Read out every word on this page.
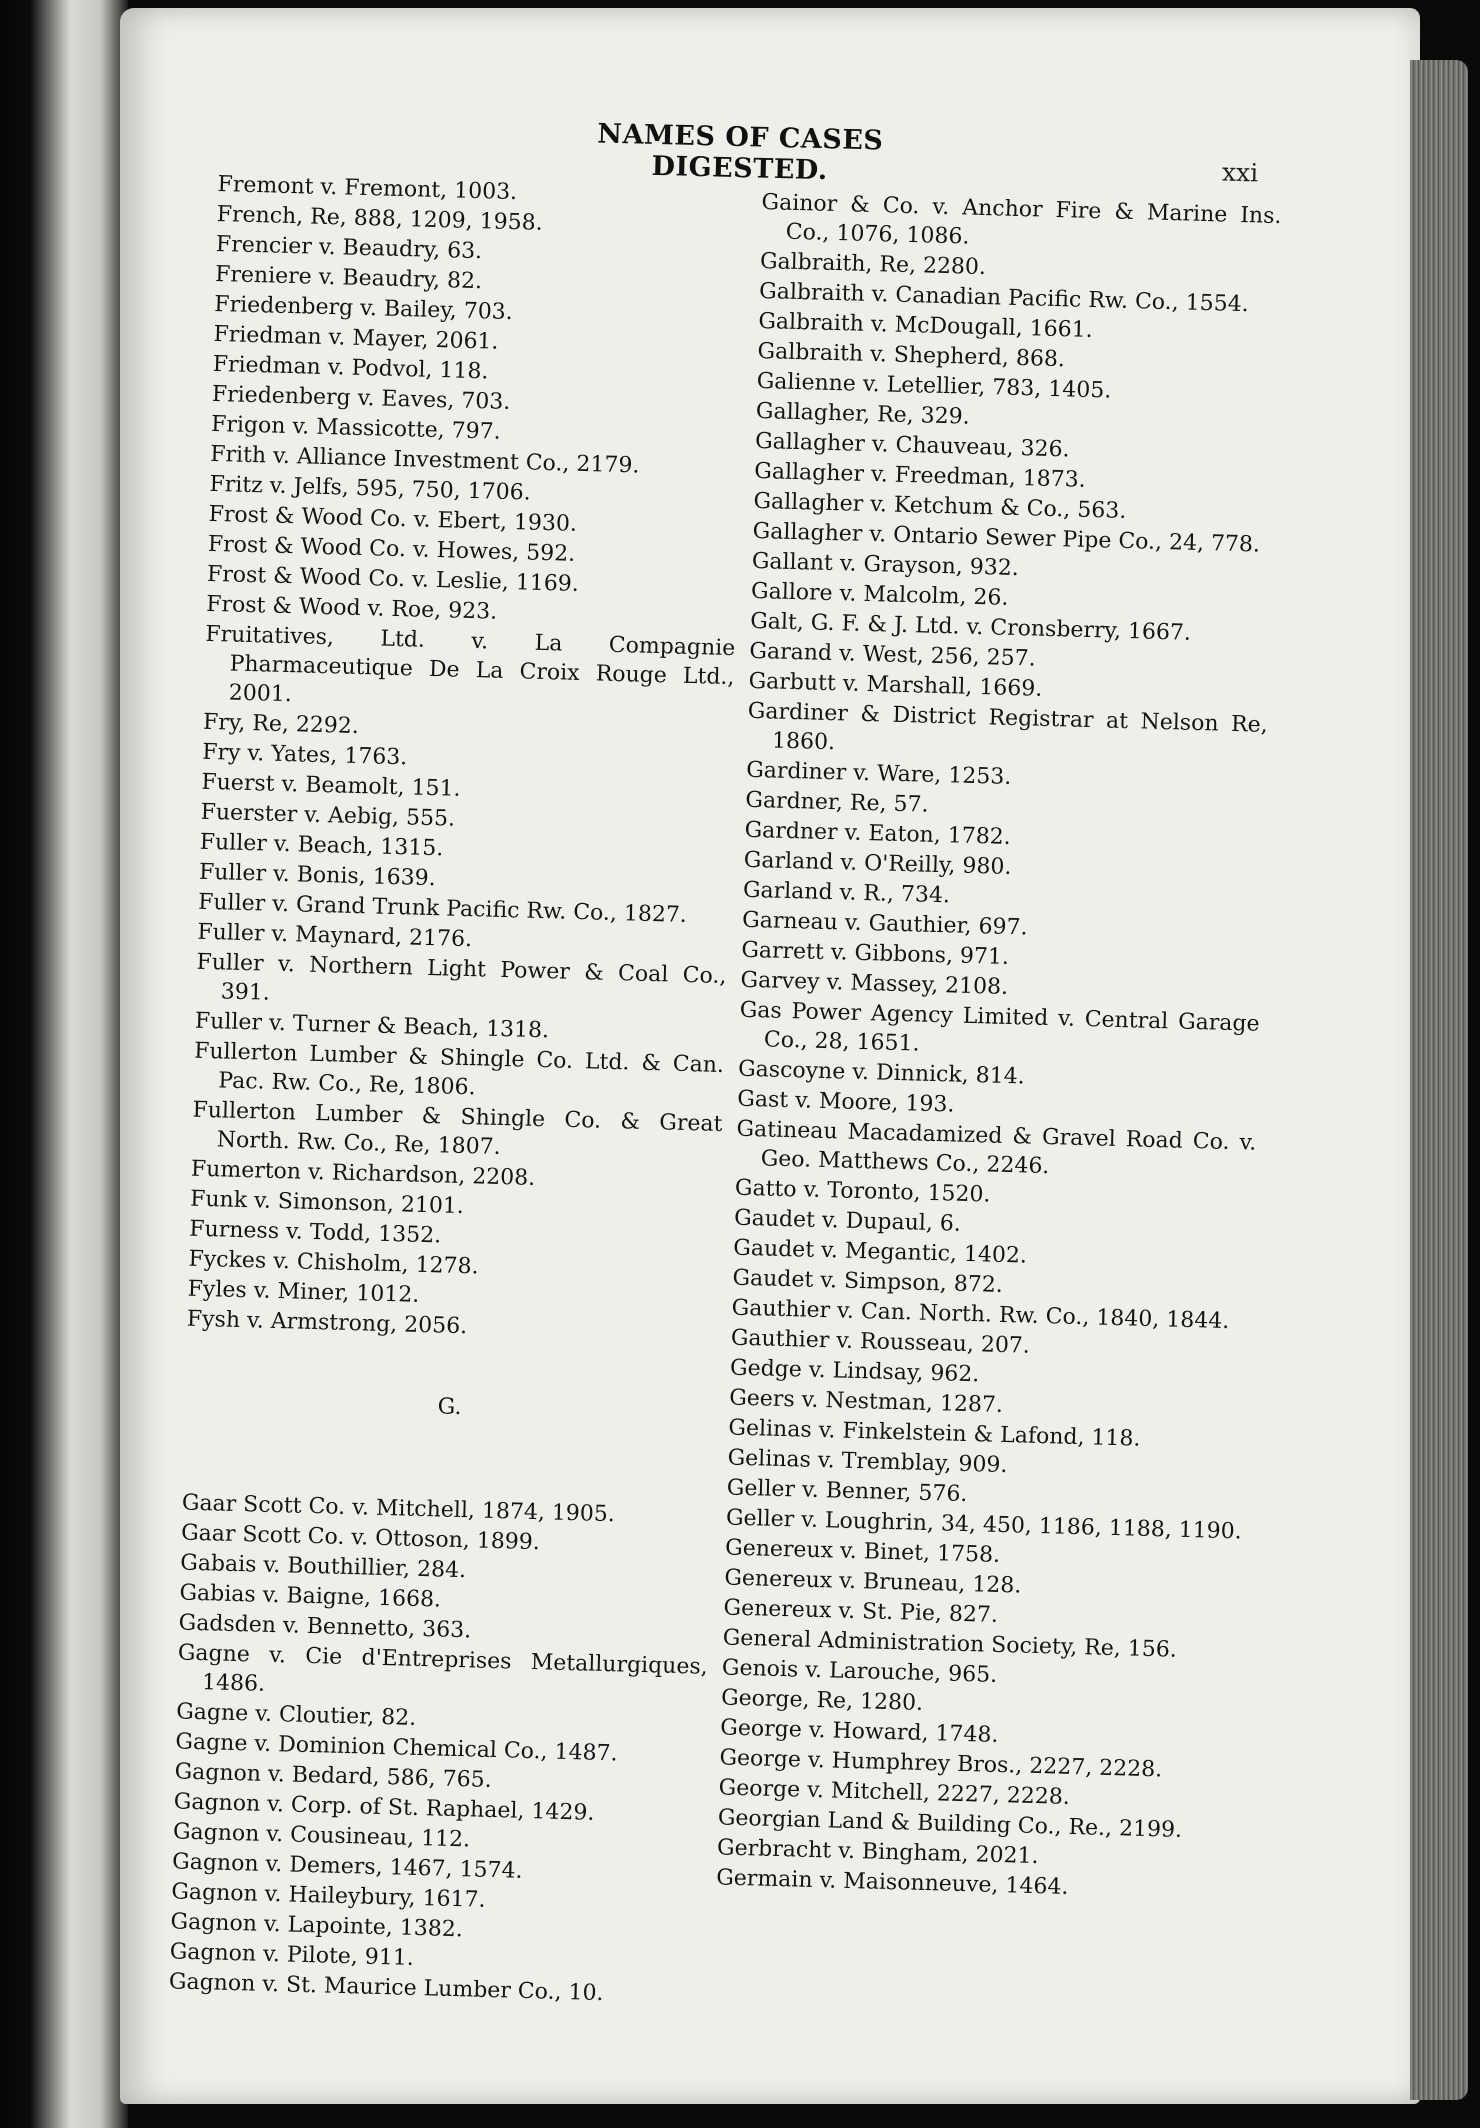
NAMES OF CASES DIGESTED.	xxi
Fremont v. Fremont, 1003.
French, Re, 888, 1209, 1958.
Frencier v. Beaudry, 63.
Freniere v. Beaudry, 82.
Friedenberg v. Bailey, 703.
Friedman v. Mayer, 2061.
Friedman v. Podvol, 118.
Friedenberg v. Eaves, 703.
Frigon v. Massicotte, 797.
Frith v. Alliance Investment Co., 2179.
Fritz v. Jelfs, 595, 750, 1706.
Frost & Wood Co. v. Ebert, 1930.
Frost & Wood Co. v. Howes, 592.
Frost & Wood Co. v. Leslie, 1169.
Frost & Wood v. Roe, 923.
Fruitatives, Ltd. v. La Compagnie Pharmaceutique De La Croix Rouge Ltd., 2001.
Fry, Re, 2292.
Fry v. Yates, 1763.
Fuerst v. Beamolt, 151.
Fuerster v. Aebig, 555.
Fuller v. Beach, 1315.
Fuller v. Bonis, 1639.
Fuller v. Grand Trunk Pacific Rw. Co., 1827.
Fuller v. Maynard, 2176.
Fuller v. Northern Light Power & Coal Co., 391.
Fuller v. Turner & Beach, 1318.
Fullerton Lumber & Shingle Co. Ltd. & Can. Pac. Rw. Co., Re, 1806.
Fullerton Lumber & Shingle Co. & Great North. Rw. Co., Re, 1807.
Fumerton v. Richardson, 2208.
Funk v. Simonson, 2101.
Furness v. Todd, 1352.
Fyckes v. Chisholm, 1278.
Fyles v. Miner, 1012.
Fysh v. Armstrong, 2056.
G.
Gaar Scott Co. v. Mitchell, 1874, 1905.
Gaar Scott Co. v. Ottoson, 1899.
Gabais v. Bouthillier, 284.
Gabias v. Baigne, 1668.
Gadsden v. Bennetto, 363.
Gagne v. Cie d'Entreprises Metallurgiques, 1486.
Gagne v. Cloutier, 82.
Gagne v. Dominion Chemical Co., 1487.
Gagnon v. Bedard, 586, 765.
Gagnon v. Corp. of St. Raphael, 1429.
Gagnon v. Cousineau, 112.
Gagnon v. Demers, 1467, 1574.
Gagnon v. Haileybury, 1617.
Gagnon v. Lapointe, 1382.
Gagnon v. Pilote, 911.
Gagnon v. St. Maurice Lumber Co., 10.
Gainor & Co. v. Anchor Fire & Marine Ins. Co., 1076, 1086.
Galbraith, Re, 2280.
Galbraith v. Canadian Pacific Rw. Co., 1554.
Galbraith v. McDougall, 1661.
Galbraith v. Shepherd, 868.
Galienne v. Letellier, 783, 1405.
Gallagher, Re, 329.
Gallagher v. Chauveau, 326.
Gallagher v. Freedman, 1873.
Gallagher v. Ketchum & Co., 563.
Gallagher v. Ontario Sewer Pipe Co., 24, 778.
Gallant v. Grayson, 932.
Gallore v. Malcolm, 26.
Galt, G. F. & J. Ltd. v. Cronsberry, 1667.
Garand v. West, 256, 257.
Garbutt v. Marshall, 1669.
Gardiner & District Registrar at Nelson Re, 1860.
Gardiner v. Ware, 1253.
Gardner, Re, 57.
Gardner v. Eaton, 1782.
Garland v. O'Reilly, 980.
Garland v. R., 734.
Garneau v. Gauthier, 697.
Garrett v. Gibbons, 971.
Garvey v. Massey, 2108.
Gas Power Agency Limited v. Central Garage Co., 28, 1651.
Gascoyne v. Dinnick, 814.
Gast v. Moore, 193.
Gatineau Macadamized & Gravel Road Co. v. Geo. Matthews Co., 2246.
Gatto v. Toronto, 1520.
Gaudet v. Dupaul, 6.
Gaudet v. Megantic, 1402.
Gaudet v. Simpson, 872.
Gauthier v. Can. North. Rw. Co., 1840, 1844.
Gauthier v. Rousseau, 207.
Gedge v. Lindsay, 962.
Geers v. Nestman, 1287.
Gelinas v. Finkelstein & Lafond, 118.
Gelinas v. Tremblay, 909.
Geller v. Benner, 576.
Geller v. Loughrin, 34, 450, 1186, 1188, 1190.
Genereux v. Binet, 1758.
Genereux v. Bruneau, 128.
Genereux v. St. Pie, 827.
General Administration Society, Re, 156.
Genois v. Larouche, 965.
George, Re, 1280.
George v. Howard, 1748.
George v. Humphrey Bros., 2227, 2228.
George v. Mitchell, 2227, 2228.
Georgian Land & Building Co., Re., 2199.
Gerbracht v. Bingham, 2021.
Germain v. Maisonneuve, 1464.
